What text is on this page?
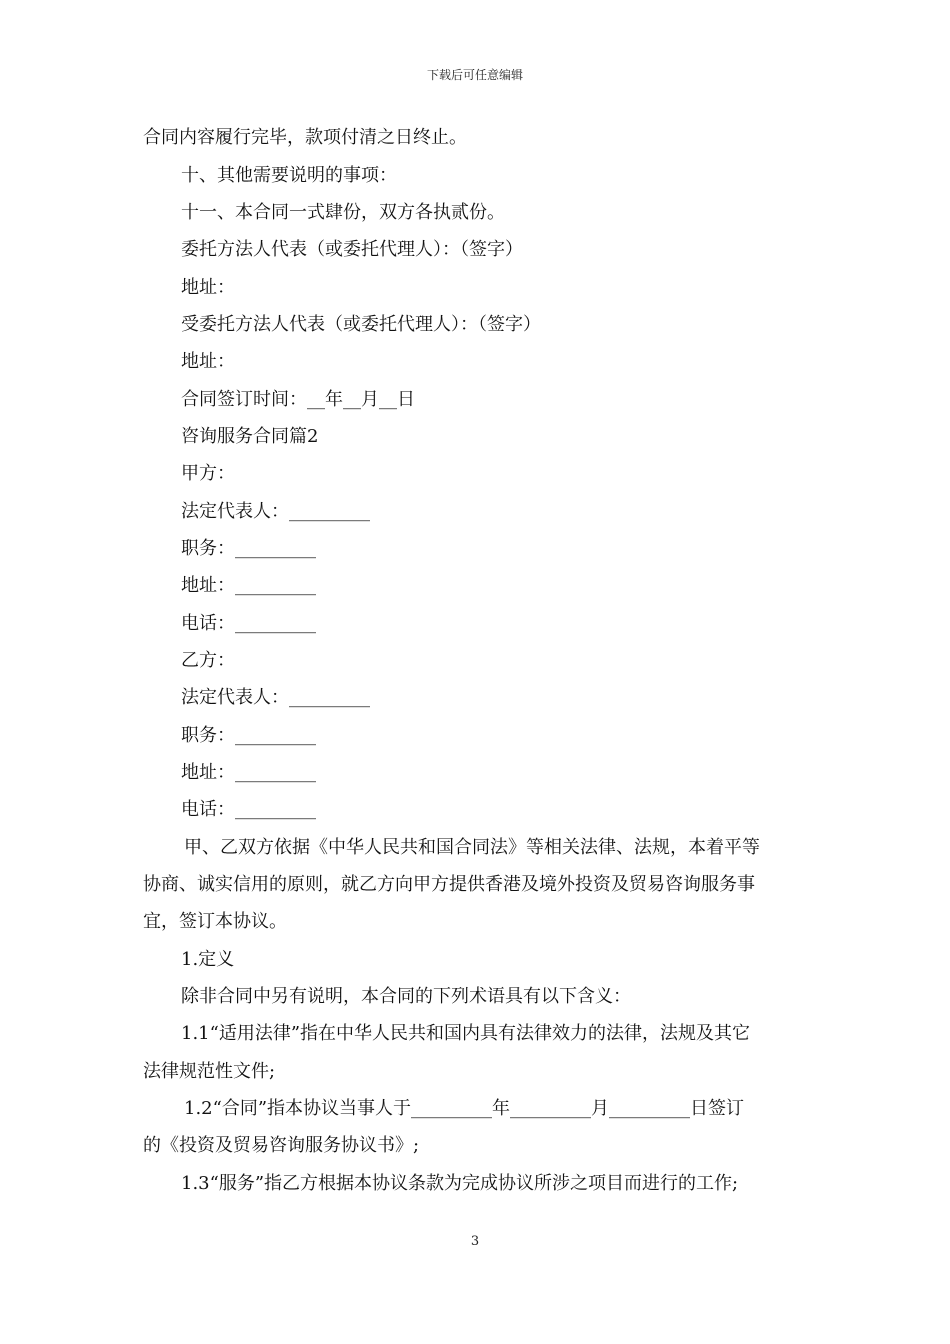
下载后可任意编辑
合同内容履行完毕，款项付清之日终止。
十、其他需要说明的事项：
十一、本合同一式肆份，双方各执贰份。
委托方法人代表（或委托代理人）：（签字）
地址：
受委托方法人代表（或委托代理人）：（签字）
地址：
合同签订时间：__年__月__日
咨询服务合同篇2
甲方：
法定代表人：_________
职务：_________
地址：_________
电话：_________
乙方：
法定代表人：_________
职务：_________
地址：_________
电话：_________
甲、乙双方依据《中华人民共和国合同法》等相关法律、法规，本着平等
协商、诚实信用的原则，就乙方向甲方提供香港及境外投资及贸易咨询服务事
宜，签订本协议。
1.定义
除非合同中另有说明，本合同的下列术语具有以下含义：
1.1“适用法律”指在中华人民共和国内具有法律效力的法律，法规及其它
法律规范性文件;
1.2“合同”指本协议当事人于_________年_________月_________日签订
的《投资及贸易咨询服务协议书》;
1.3“服务”指乙方根据本协议条款为完成协议所涉之项目而进行的工作;
3
